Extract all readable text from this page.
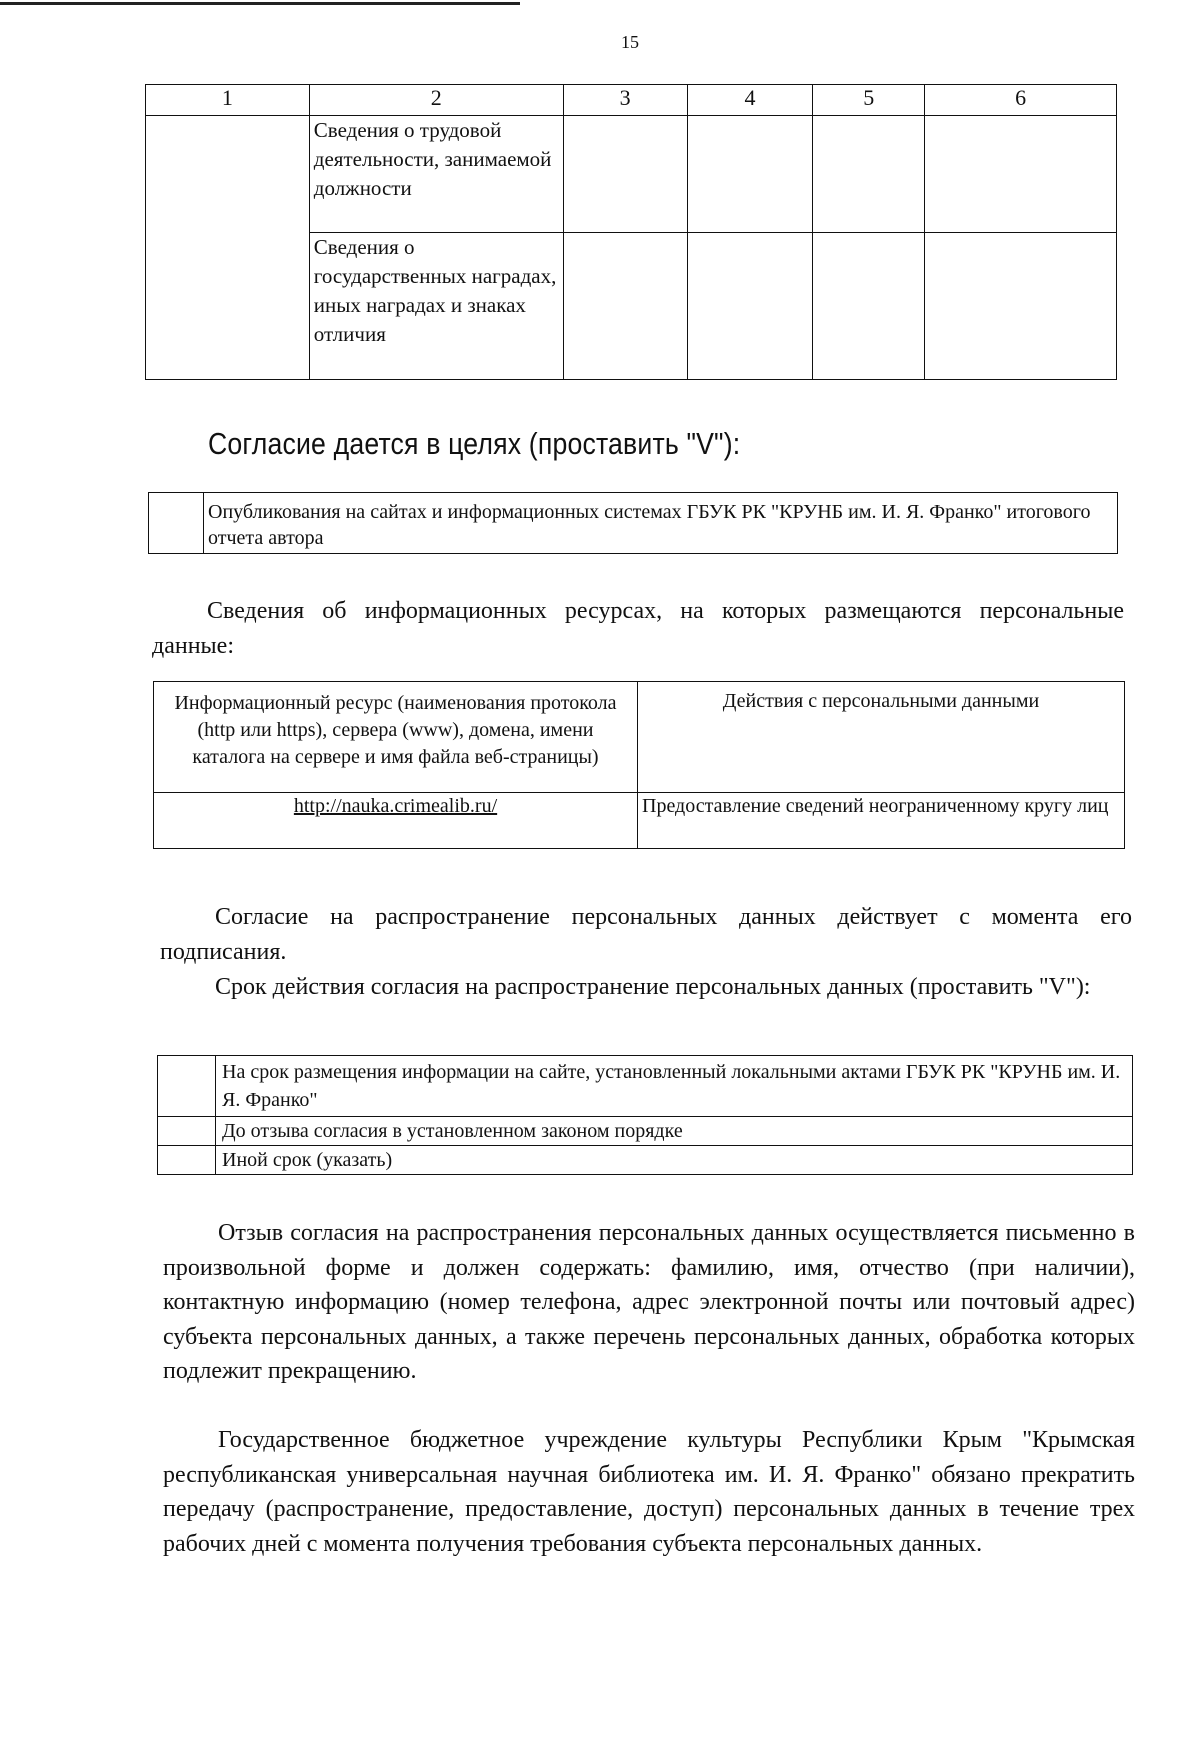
15
1	2	3	4	5	6
	Сведения о трудовой деятельности, занимаемой должности				
	Сведения о государственных наградах, иных наградах и знаках отличия				
Согласие дается в целях (проставить "V"):
	Опубликования на сайтах и информационных системах ГБУК РК "КРУНБ им. И. Я. Франко" итогового отчета автора
Сведения об информационных ресурсах, на которых размещаются персональные данные:
Информационный ресурс (наименования протокола (http или https), сервера (www), домена, имени каталога на сервере и имя файла веб-страницы)	Действия с персональными данными
http://nauka.crimealib.ru/	Предоставление сведений неограниченному кругу лиц
Согласие на распространение персональных данных действует с момента его подписания.
Срок действия согласия на распространение персональных данных (проставить "V"):
	На срок размещения информации на сайте, установленный локальными актами ГБУК РК "КРУНБ им. И. Я. Франко"
	До отзыва согласия в установленном законом порядке
	Иной срок (указать)
Отзыв согласия на распространения персональных данных осуществляется письменно в произвольной форме и должен содержать: фамилию, имя, отчество (при наличии), контактную информацию (номер телефона, адрес электронной почты или почтовый адрес) субъекта персональных данных, а также перечень персональных данных, обработка которых подлежит прекращению.
Государственное бюджетное учреждение культуры Республики Крым "Крымская республиканская универсальная научная библиотека им. И. Я. Франко" обязано прекратить передачу (распространение, предоставление, доступ) персональных данных в течение трех рабочих дней с момента получения требования субъекта персональных данных.
